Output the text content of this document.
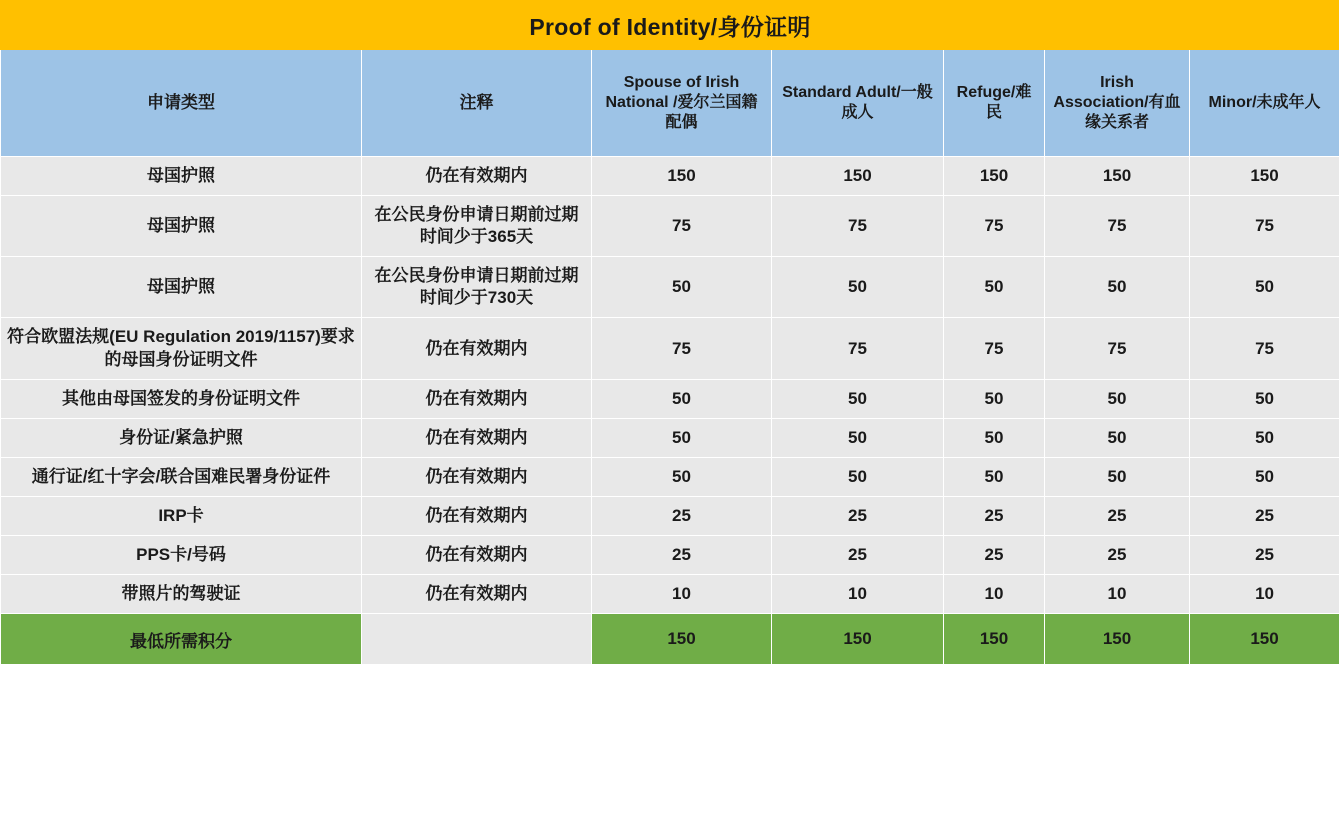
Proof of Identity/身份证明						
申请类型	注释	Spouse of Irish National /爱尔兰国籍配偶	Standard Adult/一般成人	Refuge/难民	Irish Association/有血缘关系者	Minor/未成年人
母国护照	仍在有效期内	150	150	150	150	150
母国护照	在公民身份申请日期前过期时间少于365天	75	75	75	75	75
母国护照	在公民身份申请日期前过期时间少于730天	50	50	50	50	50
符合欧盟法规(EU Regulation 2019/1157)要求的母国身份证明文件	仍在有效期内	75	75	75	75	75
其他由母国签发的身份证明文件	仍在有效期内	50	50	50	50	50
身份证/紧急护照	仍在有效期内	50	50	50	50	50
通行证/红十字会/联合国难民署身份证件	仍在有效期内	50	50	50	50	50
IRP卡	仍在有效期内	25	25	25	25	25
PPS卡/号码	仍在有效期内	25	25	25	25	25
带照片的驾驶证	仍在有效期内	10	10	10	10	10
最低所需积分		150	150	150	150	150
